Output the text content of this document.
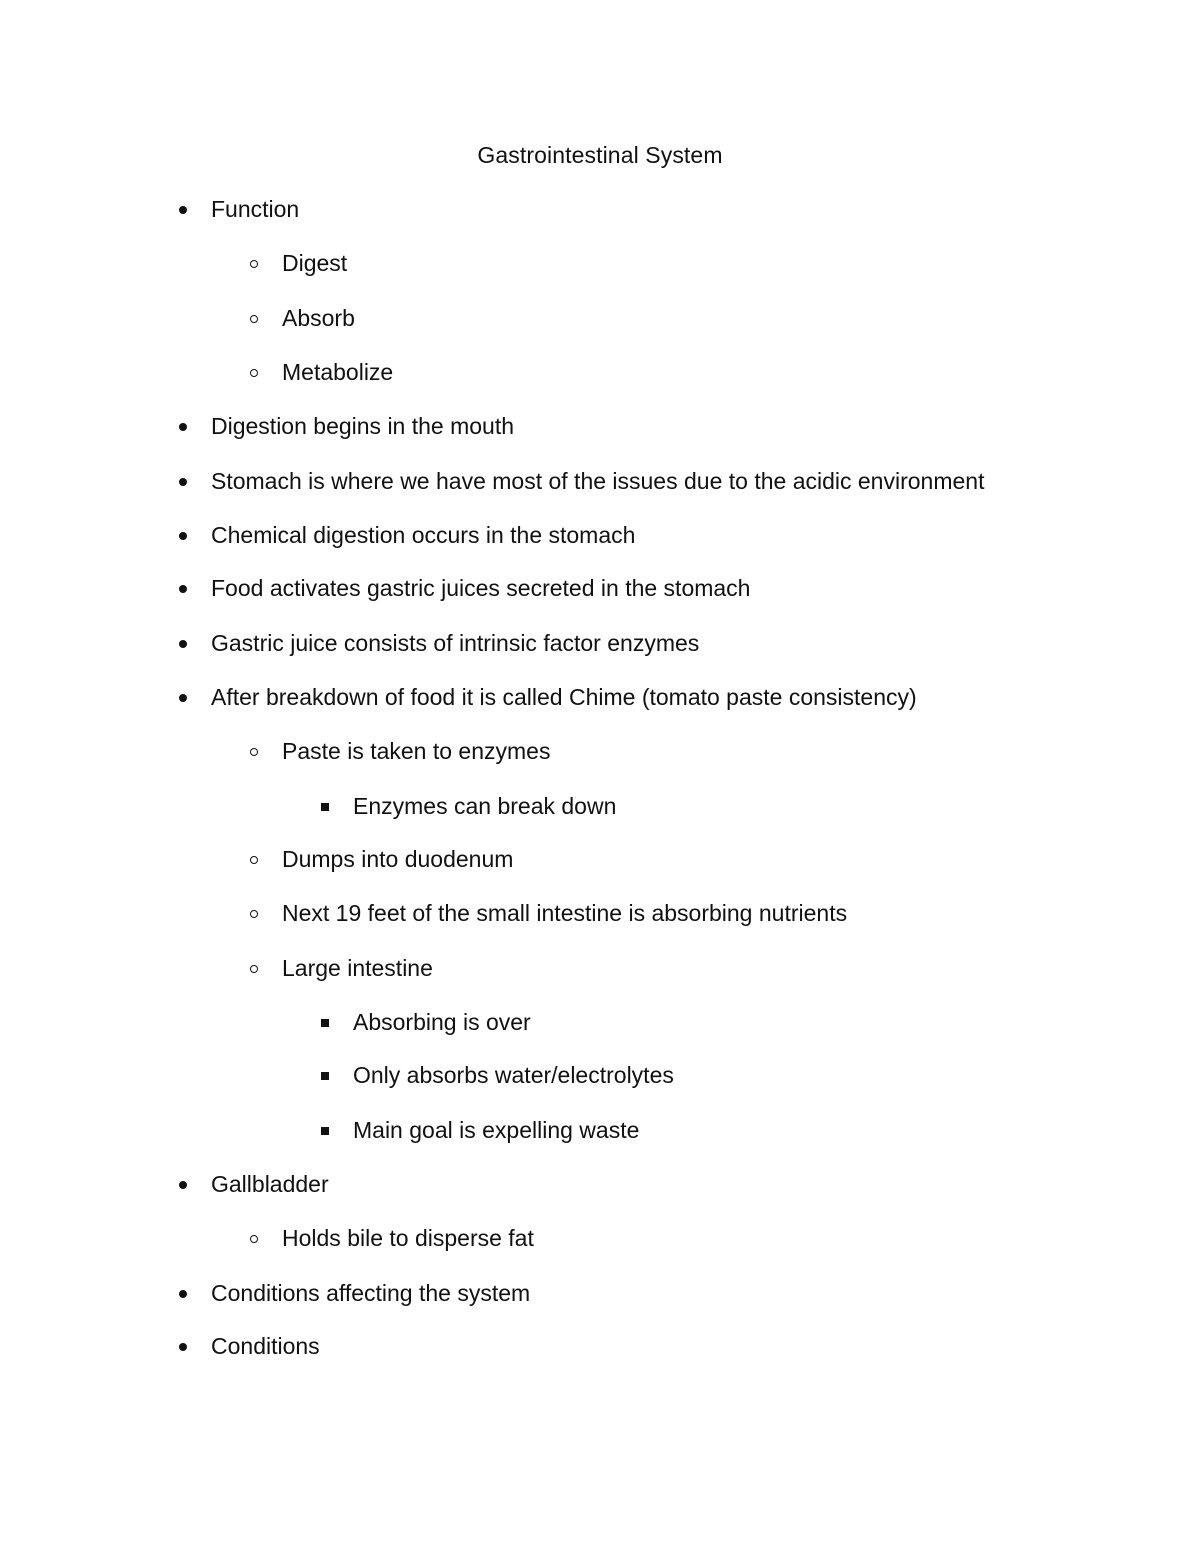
Gastrointestinal System
Function
Digest
Absorb
Metabolize
Digestion begins in the mouth
Stomach is where we have most of the issues due to the acidic environment
Chemical digestion occurs in the stomach
Food activates gastric juices secreted in the stomach
Gastric juice consists of intrinsic factor enzymes
After breakdown of food it is called Chime (tomato paste consistency)
Paste is taken to enzymes
Enzymes can break down
Dumps into duodenum
Next 19 feet of the small intestine is absorbing nutrients
Large intestine
Absorbing is over
Only absorbs water/electrolytes
Main goal is expelling waste
Gallbladder
Holds bile to disperse fat
Conditions affecting the system
Conditions
